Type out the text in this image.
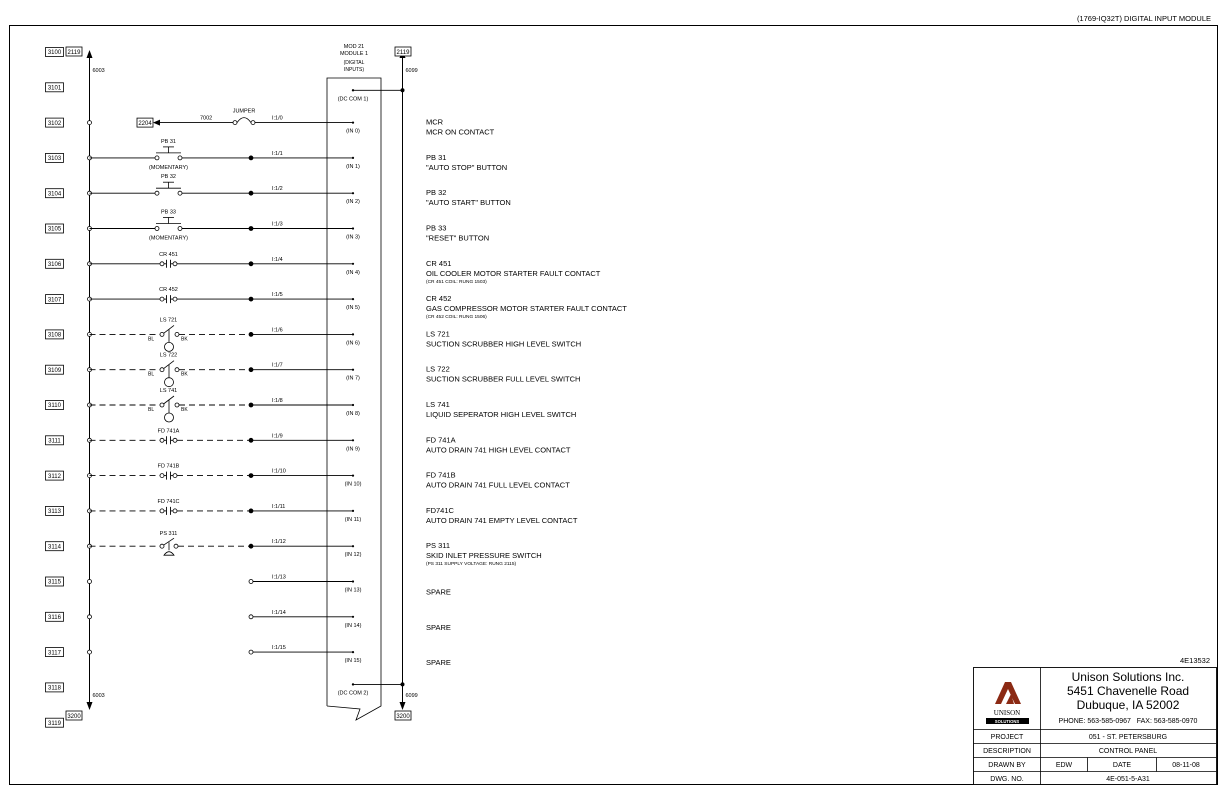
(1769-IQ32T) DIGITAL INPUT MODULE
MOD 21
MODULE 1
(DIGITAL
INPUTS)
2119
3200
2119
3200
6003
6003
6099
6099
3100
3101
3102
3103
3104
3105
3106
3107
3108
3109
3110
3111
3112
3113
3114
3115
3116
3117
3118
3119
(DC COM 1)
(DC COM 2)
2204
7002
JUMPER
I:1/0
(IN 0)
MCR
MCR ON CONTACT
I:1/1
(IN 1)
PB 31
(MOMENTARY)
PB 31
"AUTO STOP" BUTTON
I:1/2
(IN 2)
PB 32
PB 32
"AUTO START" BUTTON
I:1/3
(IN 3)
PB 33
(MOMENTARY)
PB 33
"RESET" BUTTON
I:1/4
(IN 4)
CR 451
CR 451
OIL COOLER MOTOR STARTER FAULT CONTACT
(CR 451 COIL: RUNG 1503)
I:1/5
(IN 5)
CR 452
CR 452
GAS COMPRESSOR MOTOR STARTER FAULT CONTACT
(CR 452 COIL: RUNG 1506)
I:1/6
(IN 6)
LS 721
BL	BK
LS 721
SUCTION SCRUBBER HIGH LEVEL SWITCH
I:1/7
(IN 7)
LS 722
BL	BK
LS 722
SUCTION SCRUBBER FULL LEVEL SWITCH
I:1/8
(IN 8)
LS 741
BL	BK
LS 741
LIQUID SEPERATOR HIGH LEVEL SWITCH
I:1/9
(IN 9)
FD 741A
FD 741A
AUTO DRAIN 741 HIGH LEVEL CONTACT
I:1/10
(IN 10)
FD 741B
FD 741B
AUTO DRAIN 741 FULL LEVEL CONTACT
I:1/11
(IN 11)
FD 741C
FD741C
AUTO DRAIN 741 EMPTY LEVEL CONTACT
I:1/12
(IN 12)
PS 311
PS 311
SKID INLET PRESSURE SWITCH
(PS 311 SUPPLY VOLTAGE: RUNG 2115)
I:1/13
(IN 13)	SPARE
I:1/14
(IN 14)	SPARE
I:1/15
(IN 15)	SPARE	4E13532
UNISON
SOLUTIONS
Unison Solutions Inc.
5451 Chavenelle Road
Dubuque, IA 52002
PHONE: 563-585-0967   FAX: 563-585-0970
PROJECT	051 - ST. PETERSBURG
DESCRIPTION	CONTROL PANEL
DRAWN BY	EDW	DATE	08-11-08
DWG. NO.	4E-051-5-A31
